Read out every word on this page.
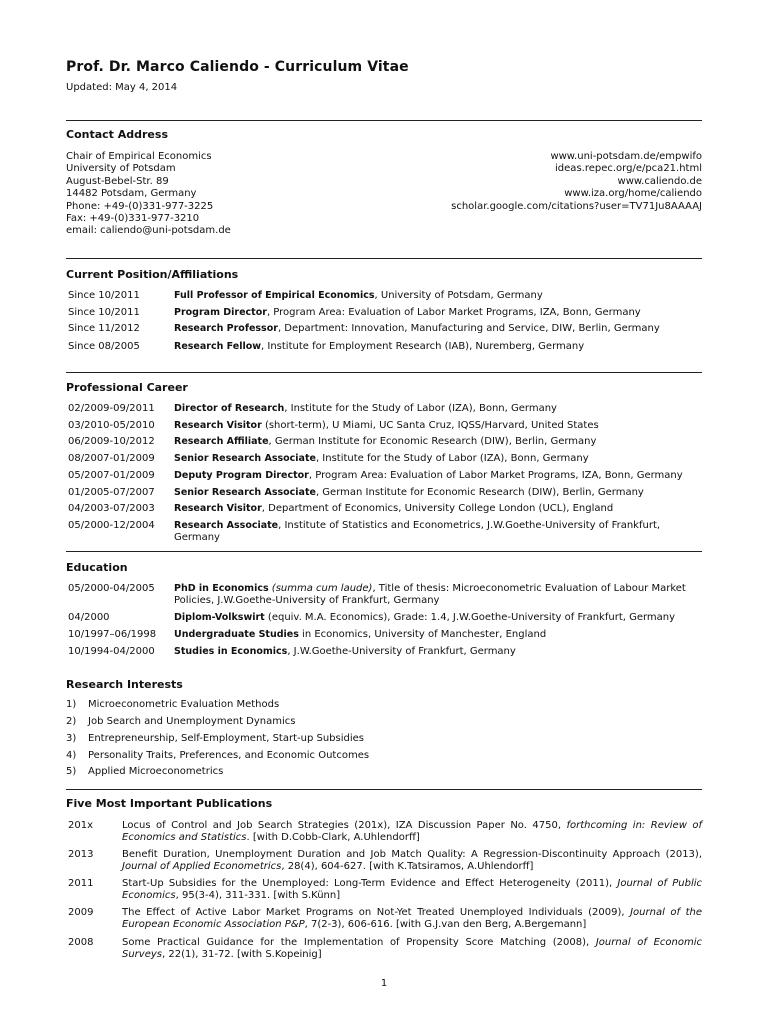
Prof. Dr. Marco Caliendo - Curriculum Vitae
Updated: May 4, 2014
Contact Address
Chair of Empirical Economics
University of Potsdam
August-Bebel-Str. 89
14482 Potsdam, Germany
Phone: +49-(0)331-977-3225
Fax: +49-(0)331-977-3210
email: caliendo@uni-potsdam.de
www.uni-potsdam.de/empwifo
ideas.repec.org/e/pca21.html
www.caliendo.de
www.iza.org/home/caliendo
scholar.google.com/citations?user=TV71Ju8AAAAJ
Current Position/Affiliations
Since 10/2011	Full Professor of Empirical Economics, University of Potsdam, Germany
Since 10/2011	Program Director, Program Area: Evaluation of Labor Market Programs, IZA, Bonn, Germany
Since 11/2012	Research Professor, Department: Innovation, Manufacturing and Service, DIW, Berlin, Germany
Since 08/2005	Research Fellow, Institute for Employment Research (IAB), Nuremberg, Germany
Professional Career
02/2009-09/2011 Director of Research, Institute for the Study of Labor (IZA), Bonn, Germany
03/2010-05/2010 Research Visitor (short-term), U Miami, UC Santa Cruz, IQSS/Harvard, United States
06/2009-10/2012 Research Affiliate, German Institute for Economic Research (DIW), Berlin, Germany
08/2007-01/2009 Senior Research Associate, Institute for the Study of Labor (IZA), Bonn, Germany
05/2007-01/2009 Deputy Program Director, Program Area: Evaluation of Labor Market Programs, IZA, Bonn, Germany
01/2005-07/2007 Senior Research Associate, German Institute for Economic Research (DIW), Berlin, Germany
04/2003-07/2003 Research Visitor, Department of Economics, University College London (UCL), England
05/2000-12/2004 Research Associate, Institute of Statistics and Econometrics, J.W.Goethe-University of Frankfurt, Germany
Education
05/2000-04/2005 PhD in Economics (summa cum laude), Title of thesis: Microeconometric Evaluation of Labour Market Policies, J.W.Goethe-University of Frankfurt, Germany
04/2000	Diplom-Volkswirt (equiv. M.A. Economics), Grade: 1.4, J.W.Goethe-University of Frankfurt, Germany
10/1997–06/1998 Undergraduate Studies in Economics, University of Manchester, England
10/1994-04/2000 Studies in Economics, J.W.Goethe-University of Frankfurt, Germany
Research Interests
1) Microeconometric Evaluation Methods
2) Job Search and Unemployment Dynamics
3) Entrepreneurship, Self-Employment, Start-up Subsidies
4) Personality Traits, Preferences, and Economic Outcomes
5) Applied Microeconometrics
Five Most Important Publications
201x	Locus of Control and Job Search Strategies (201x), IZA Discussion Paper No. 4750, forthcoming in: Review of Economics and Statistics. [with D.Cobb-Clark, A.Uhlendorff]
2013	Benefit Duration, Unemployment Duration and Job Match Quality: A Regression-Discontinuity Approach (2013), Journal of Applied Econometrics, 28(4), 604-627. [with K.Tatsiramos, A.Uhlendorff]
2011	Start-Up Subsidies for the Unemployed: Long-Term Evidence and Effect Heterogeneity (2011), Journal of Public Economics, 95(3-4), 311-331. [with S.Künn]
2009	The Effect of Active Labor Market Programs on Not-Yet Treated Unemployed Individuals (2009), Journal of the European Economic Association P&P, 7(2-3), 606-616. [with G.J.van den Berg, A.Bergemann]
2008	Some Practical Guidance for the Implementation of Propensity Score Matching (2008), Journal of Economic Surveys, 22(1), 31-72. [with S.Kopeinig]
1
